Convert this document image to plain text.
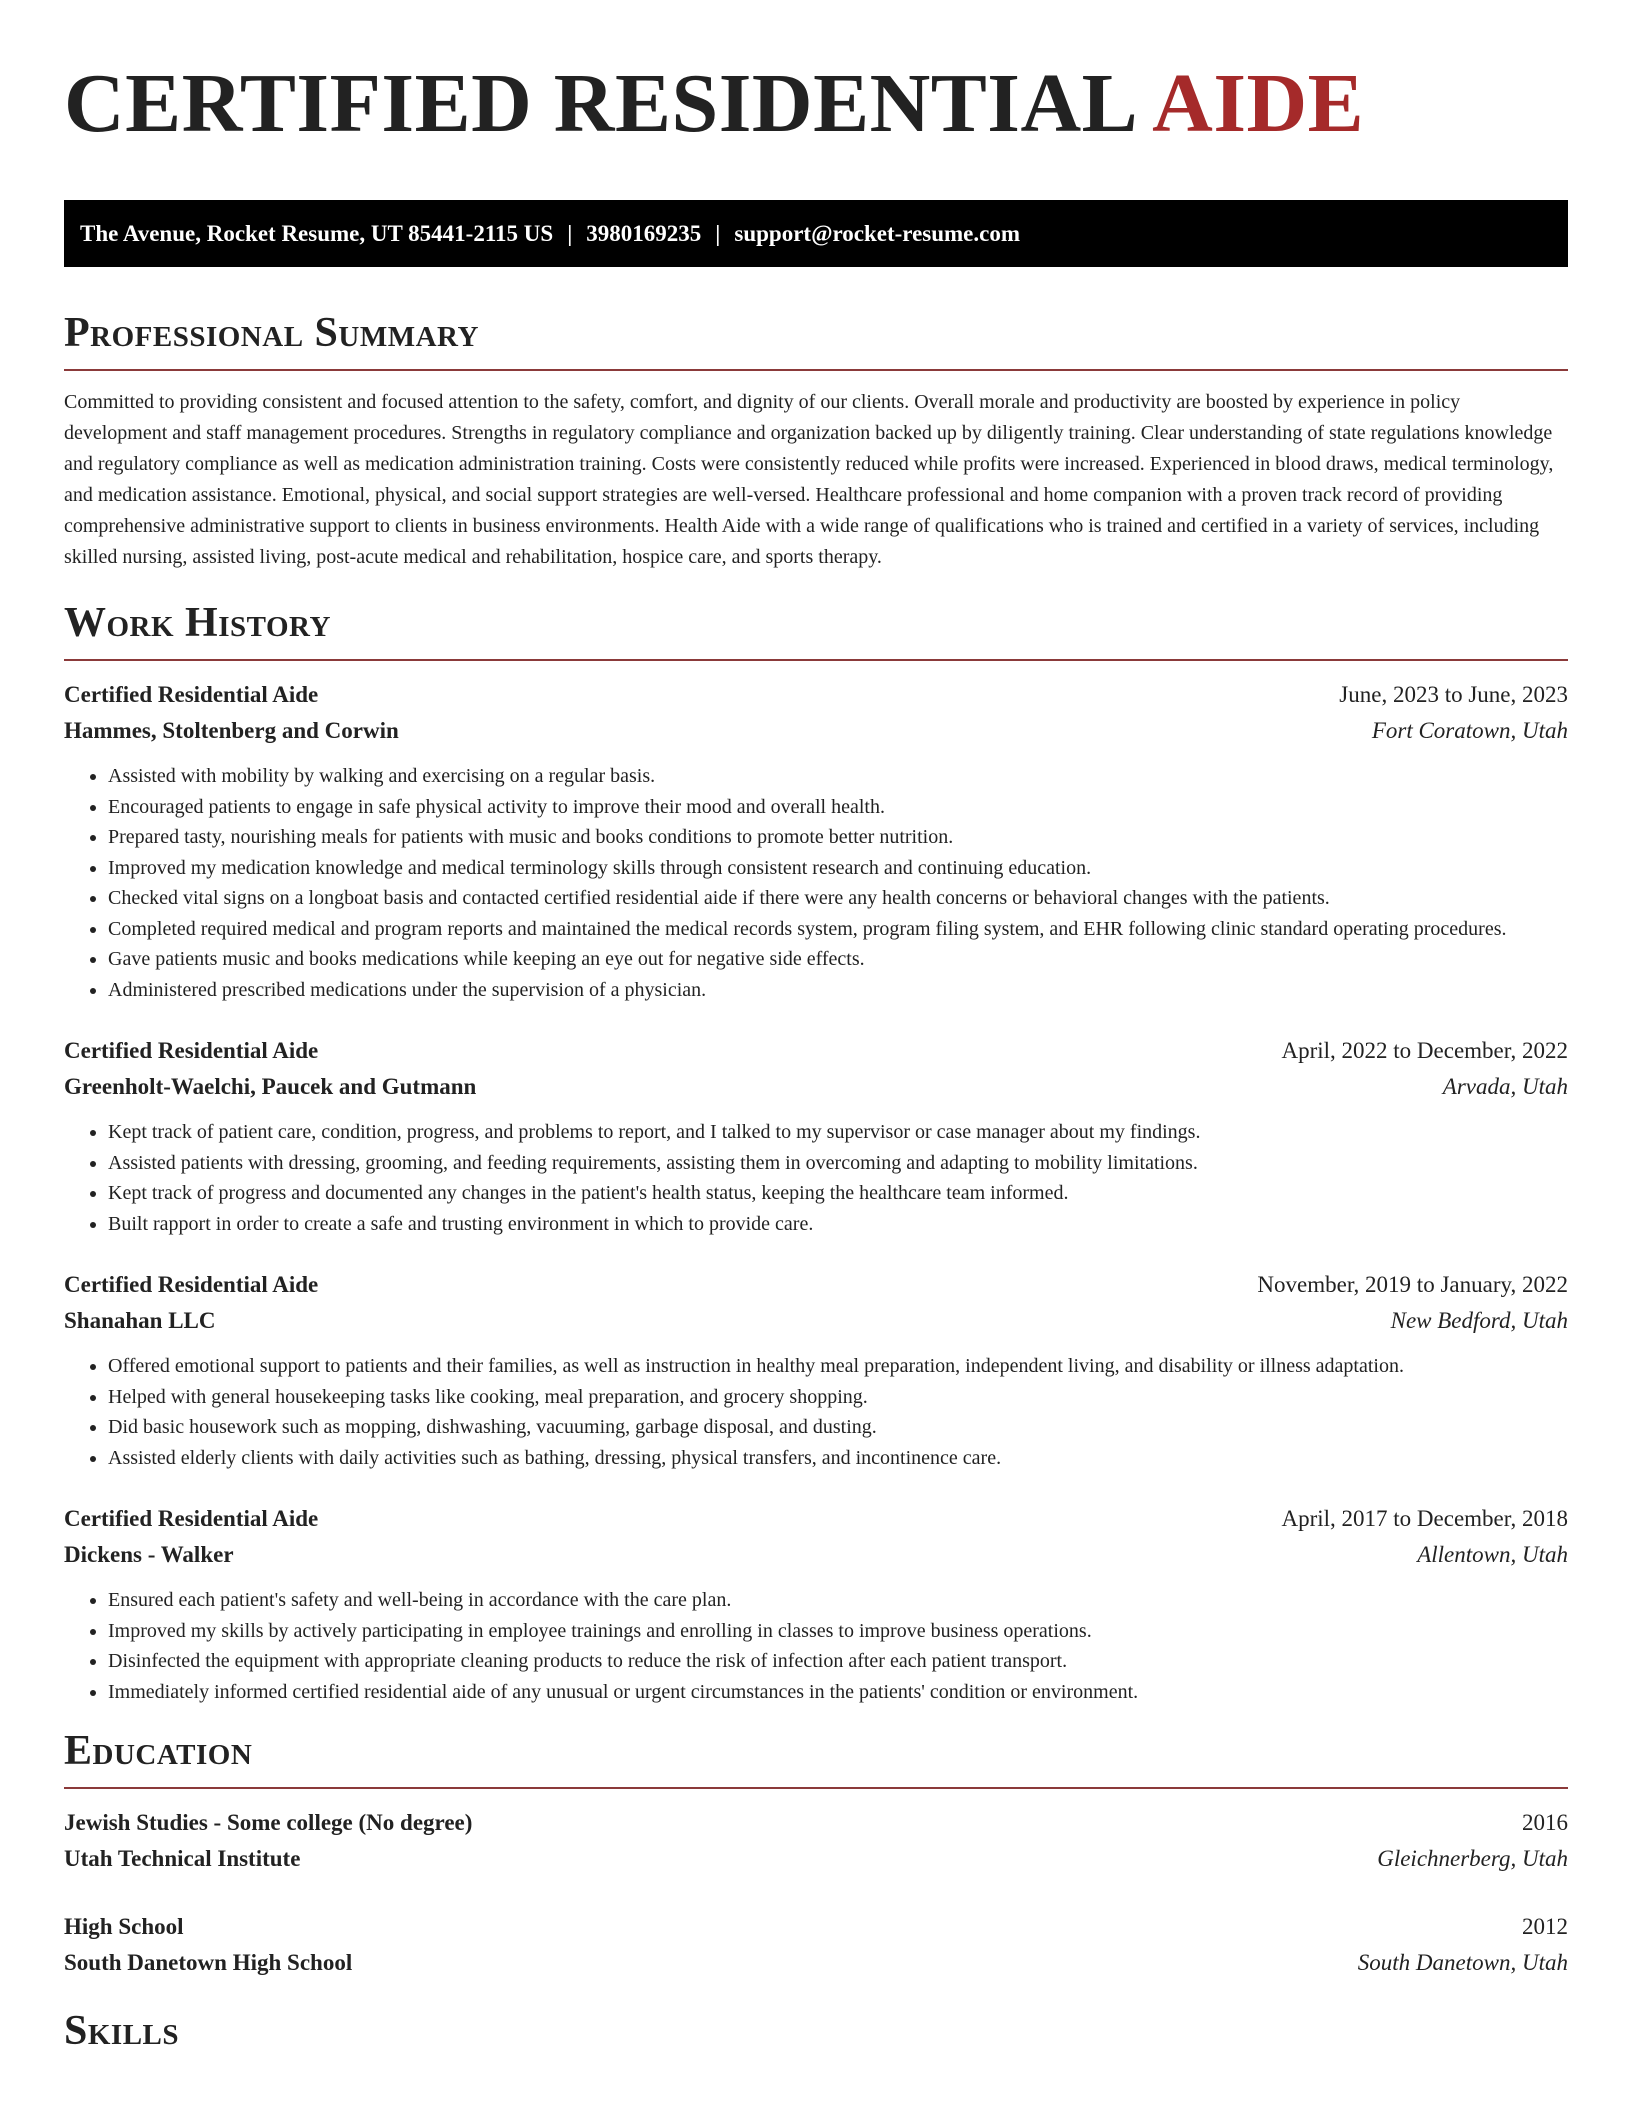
CERTIFIED RESIDENTIAL AIDE
The Avenue, Rocket Resume, UT 85441-2115 US | 3980169235 | support@rocket-resume.com
Professional Summary

Committed to providing consistent and focused attention to the safety, comfort, and dignity of our clients. Overall morale and productivity are boosted by experience in policy development and staff management procedures. Strengths in regulatory compliance and organization backed up by diligently training. Clear understanding of state regulations knowledge and regulatory compliance as well as medication administration training. Costs were consistently reduced while profits were increased. Experienced in blood draws, medical terminology, and medication assistance. Emotional, physical, and social support strategies are well-versed. Healthcare professional and home companion with a proven track record of providing comprehensive administrative support to clients in business environments. Health Aide with a wide range of qualifications who is trained and certified in a variety of services, including skilled nursing, assisted living, post-acute medical and rehabilitation, hospice care, and sports therapy.

Work History
Certified Residential Aide	June, 2023 to June, 2023
Hammes, Stoltenberg and Corwin	Fort Coratown, Utah
• Assisted with mobility by walking and exercising on a regular basis.
• Encouraged patients to engage in safe physical activity to improve their mood and overall health.
• Prepared tasty, nourishing meals for patients with music and books conditions to promote better nutrition.
• Improved my medication knowledge and medical terminology skills through consistent research and continuing education.
• Checked vital signs on a longboat basis and contacted certified residential aide if there were any health concerns or behavioral changes with the patients.
• Completed required medical and program reports and maintained the medical records system, program filing system, and EHR following clinic standard operating procedures.
• Gave patients music and books medications while keeping an eye out for negative side effects.
• Administered prescribed medications under the supervision of a physician.
Certified Residential Aide	April, 2022 to December, 2022
Greenholt-Waelchi, Paucek and Gutmann	Arvada, Utah
• Kept track of patient care, condition, progress, and problems to report, and I talked to my supervisor or case manager about my findings.
• Assisted patients with dressing, grooming, and feeding requirements, assisting them in overcoming and adapting to mobility limitations.
• Kept track of progress and documented any changes in the patient's health status, keeping the healthcare team informed.
• Built rapport in order to create a safe and trusting environment in which to provide care.
Certified Residential Aide	November, 2019 to January, 2022
Shanahan LLC	New Bedford, Utah
• Offered emotional support to patients and their families, as well as instruction in healthy meal preparation, independent living, and disability or illness adaptation.
• Helped with general housekeeping tasks like cooking, meal preparation, and grocery shopping.
• Did basic housework such as mopping, dishwashing, vacuuming, garbage disposal, and dusting.
• Assisted elderly clients with daily activities such as bathing, dressing, physical transfers, and incontinence care.
Certified Residential Aide	April, 2017 to December, 2018
Dickens - Walker	Allentown, Utah
• Ensured each patient's safety and well-being in accordance with the care plan.
• Improved my skills by actively participating in employee trainings and enrolling in classes to improve business operations.
• Disinfected the equipment with appropriate cleaning products to reduce the risk of infection after each patient transport.
• Immediately informed certified residential aide of any unusual or urgent circumstances in the patients' condition or environment.
Education
Jewish Studies - Some college (No degree)	2016
Utah Technical Institute	Gleichnerberg, Utah
High School	2012
South Danetown High School	South Danetown, Utah
Skills
